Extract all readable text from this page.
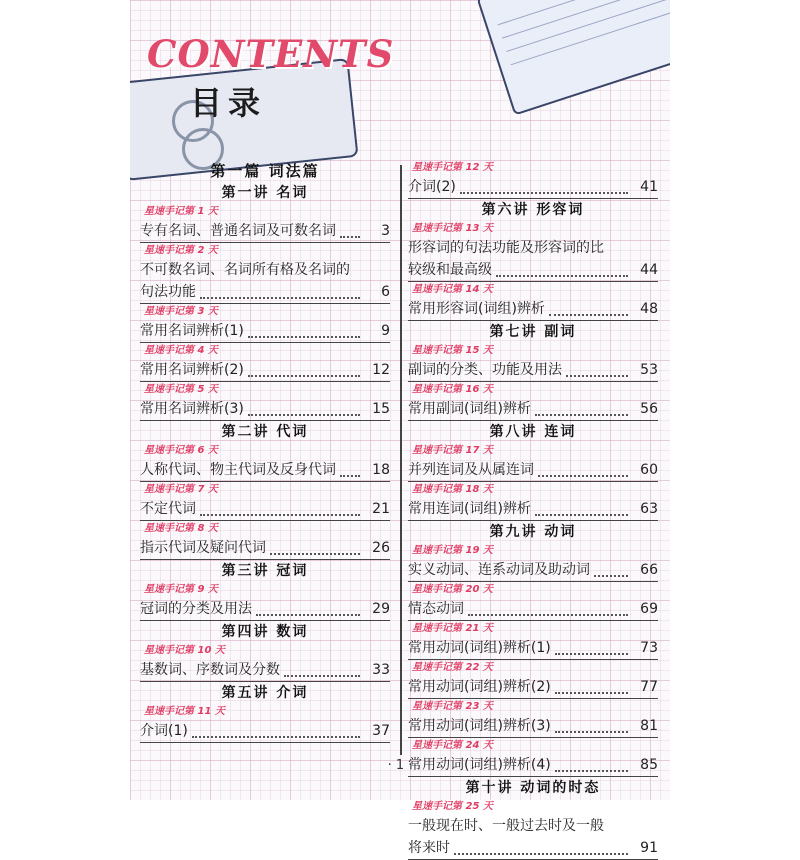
CONTENTS
目录
第一篇 词法篇
第一讲 名词
星速手记第 1 天
专有名词、普通名词及可数名词	3
星速手记第 2 天
不可数名词、名词所有格及名词的
句法功能	6
星速手记第 3 天
常用名词辨析(1)	9
星速手记第 4 天
常用名词辨析(2)	12
星速手记第 5 天
常用名词辨析(3)	15
第二讲 代词
星速手记第 6 天
人称代词、物主代词及反身代词	18
星速手记第 7 天
不定代词	21
星速手记第 8 天
指示代词及疑问代词	26
第三讲 冠词
星速手记第 9 天
冠词的分类及用法	29
第四讲 数词
星速手记第 10 天
基数词、序数词及分数	33
第五讲 介词
星速手记第 11 天
介词(1)	37
星速手记第 12 天
介词(2)	41
第六讲 形容词
星速手记第 13 天
形容词的句法功能及形容词的比
较级和最高级	44
星速手记第 14 天
常用形容词(词组)辨析	48
第七讲 副词
星速手记第 15 天
副词的分类、功能及用法	53
星速手记第 16 天
常用副词(词组)辨析	56
第八讲 连词
星速手记第 17 天
并列连词及从属连词	60
星速手记第 18 天
常用连词(词组)辨析	63
第九讲 动词
星速手记第 19 天
实义动词、连系动词及助动词	66
星速手记第 20 天
情态动词	69
星速手记第 21 天
常用动词(词组)辨析(1)	73
星速手记第 22 天
常用动词(词组)辨析(2)	77
星速手记第 23 天
常用动词(词组)辨析(3)	81
星速手记第 24 天
常用动词(词组)辨析(4)	85
第十讲 动词的时态
星速手记第 25 天
一般现在时、一般过去时及一般
将来时	91
· 1 ·
